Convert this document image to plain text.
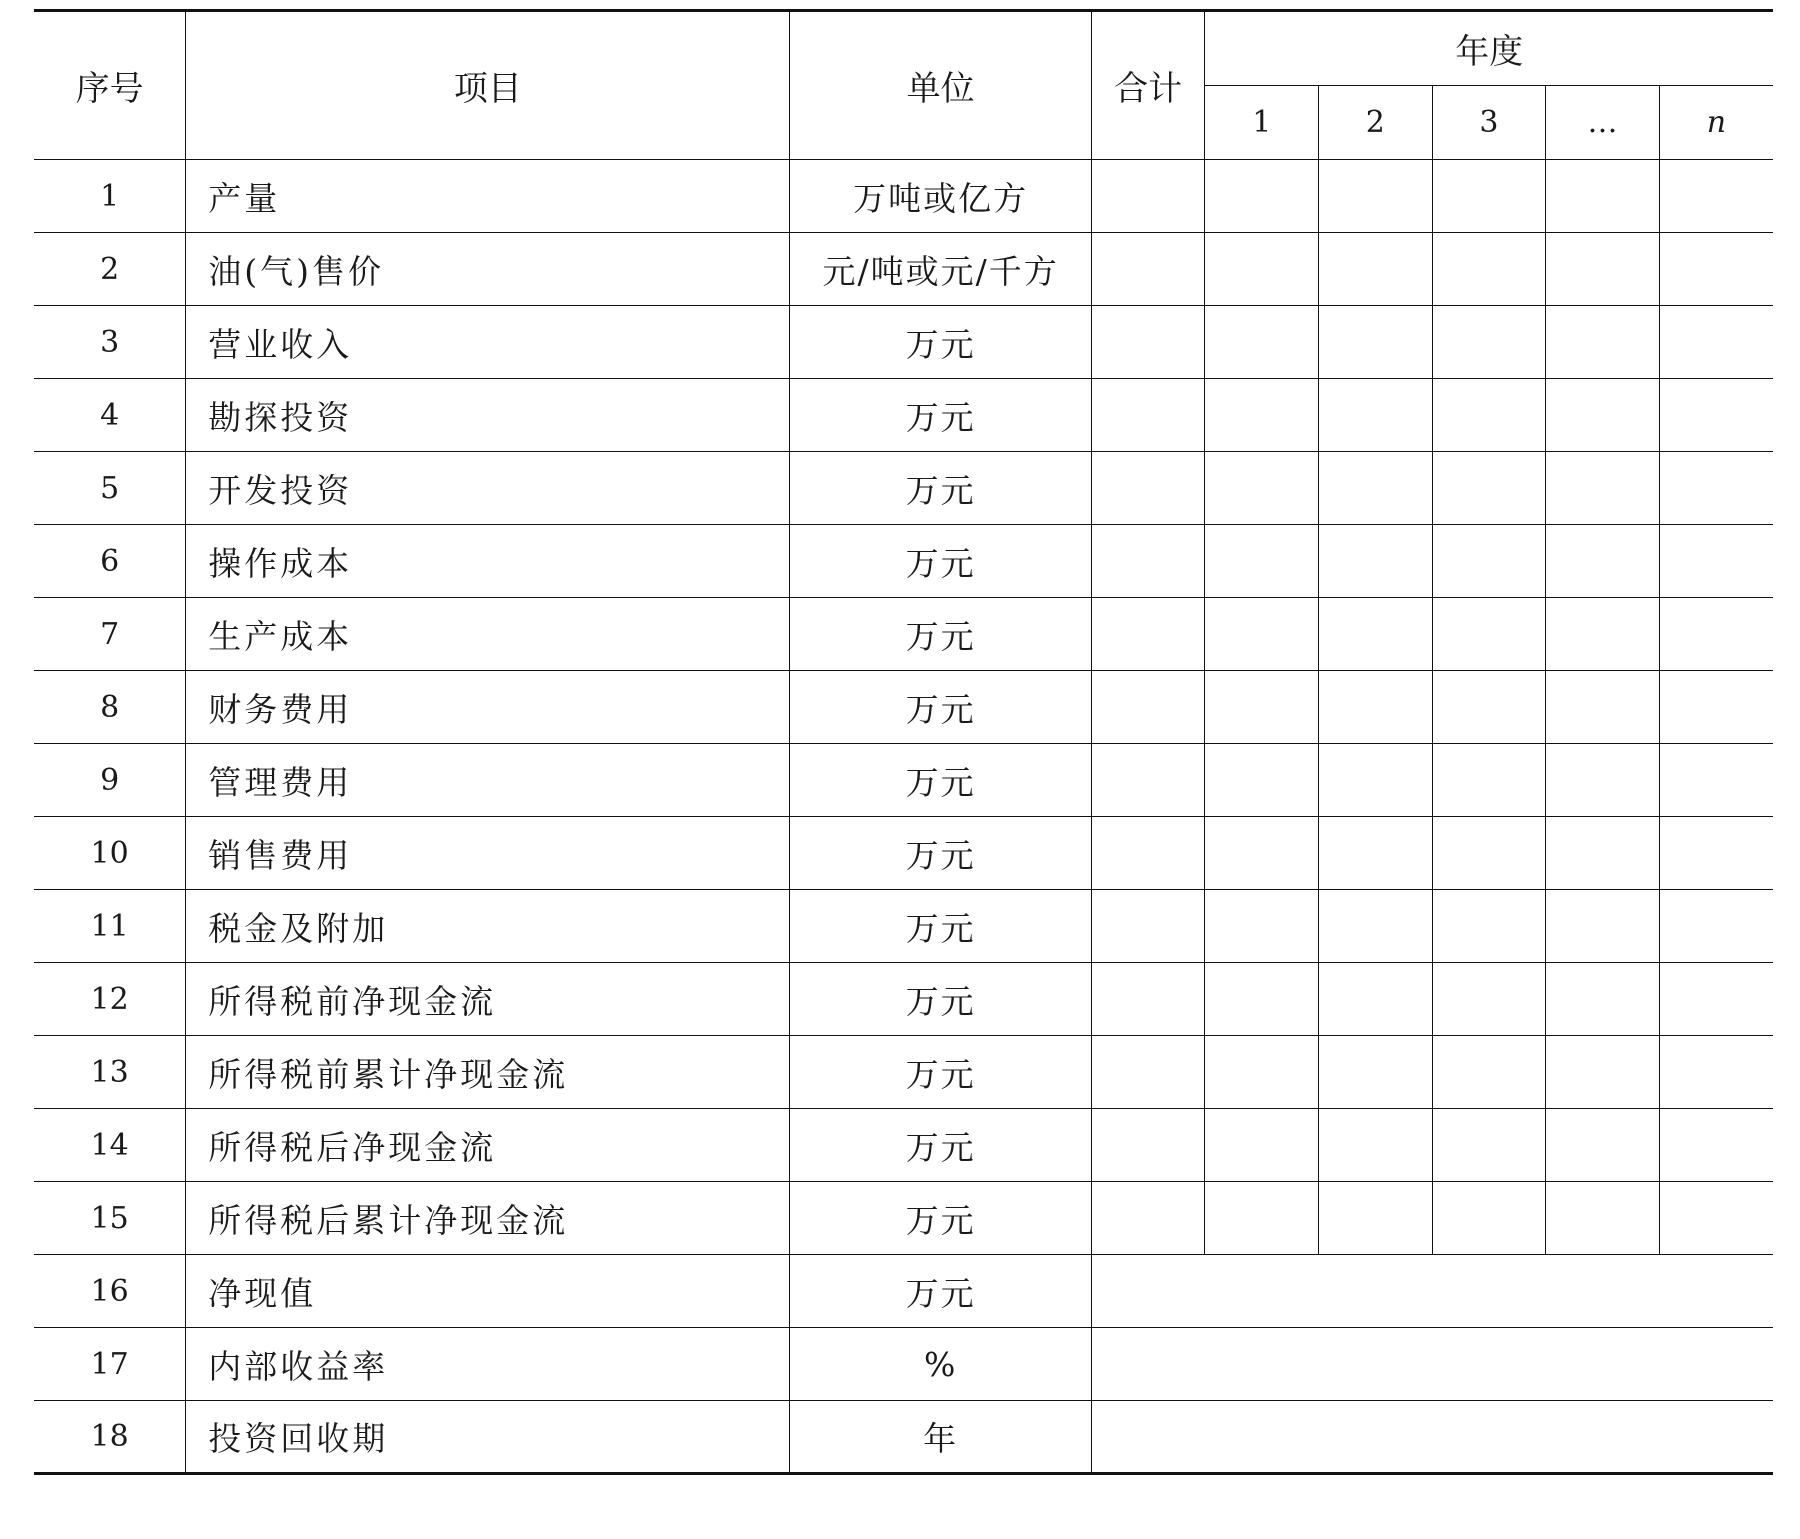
序号	项目	单位	合计	年度				
				1	2	3	…	n
1	产量	万吨或亿方						
2	油(气)售价	元/吨或元/千方						
3	营业收入	万元						
4	勘探投资	万元						
5	开发投资	万元						
6	操作成本	万元						
7	生产成本	万元						
8	财务费用	万元						
9	管理费用	万元						
10	销售费用	万元						
11	税金及附加	万元						
12	所得税前净现金流	万元						
13	所得税前累计净现金流	万元						
14	所得税后净现金流	万元						
15	所得税后累计净现金流	万元						
16	净现值	万元						
17	内部收益率	%						
18	投资回收期	年						
